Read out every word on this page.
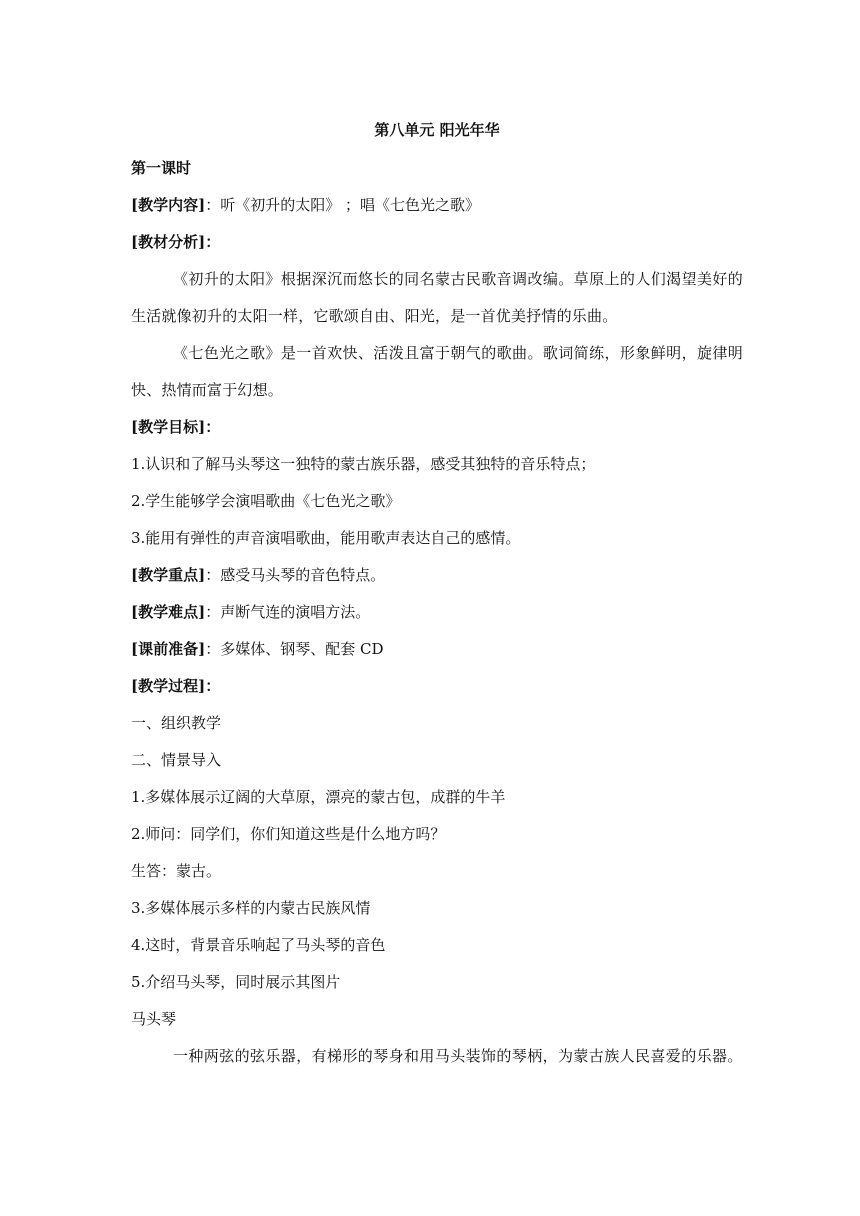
第八单元 阳光年华

第一课时

[教学内容]：听《初升的太阳》 ；唱《七色光之歌》

[教材分析]：

《初升的太阳》根据深沉而悠长的同名蒙古民歌音调改编。草原上的人们渴望美好的生活就像初升的太阳一样，它歌颂自由、阳光，是一首优美抒情的乐曲。

《七色光之歌》是一首欢快、活泼且富于朝气的歌曲。歌词简练，形象鲜明，旋律明快、热情而富于幻想。

[教学目标]：

1.认识和了解马头琴这一独特的蒙古族乐器，感受其独特的音乐特点；

2.学生能够学会演唱歌曲《七色光之歌》

3.能用有弹性的声音演唱歌曲，能用歌声表达自己的感情。

[教学重点]：感受马头琴的音色特点。

[教学难点]：声断气连的演唱方法。

[课前准备]：多媒体、钢琴、配套 CD

[教学过程]：

一、组织教学

二、情景导入

1.多媒体展示辽阔的大草原，漂亮的蒙古包，成群的牛羊

2.师问：同学们，你们知道这些是什么地方吗？

生答：蒙古。

3.多媒体展示多样的内蒙古民族风情

4.这时，背景音乐响起了马头琴的音色

5.介绍马头琴，同时展示其图片

马头琴

一种两弦的弦乐器，有梯形的琴身和用马头装饰的琴柄，为蒙古族人民喜爱的乐器。
